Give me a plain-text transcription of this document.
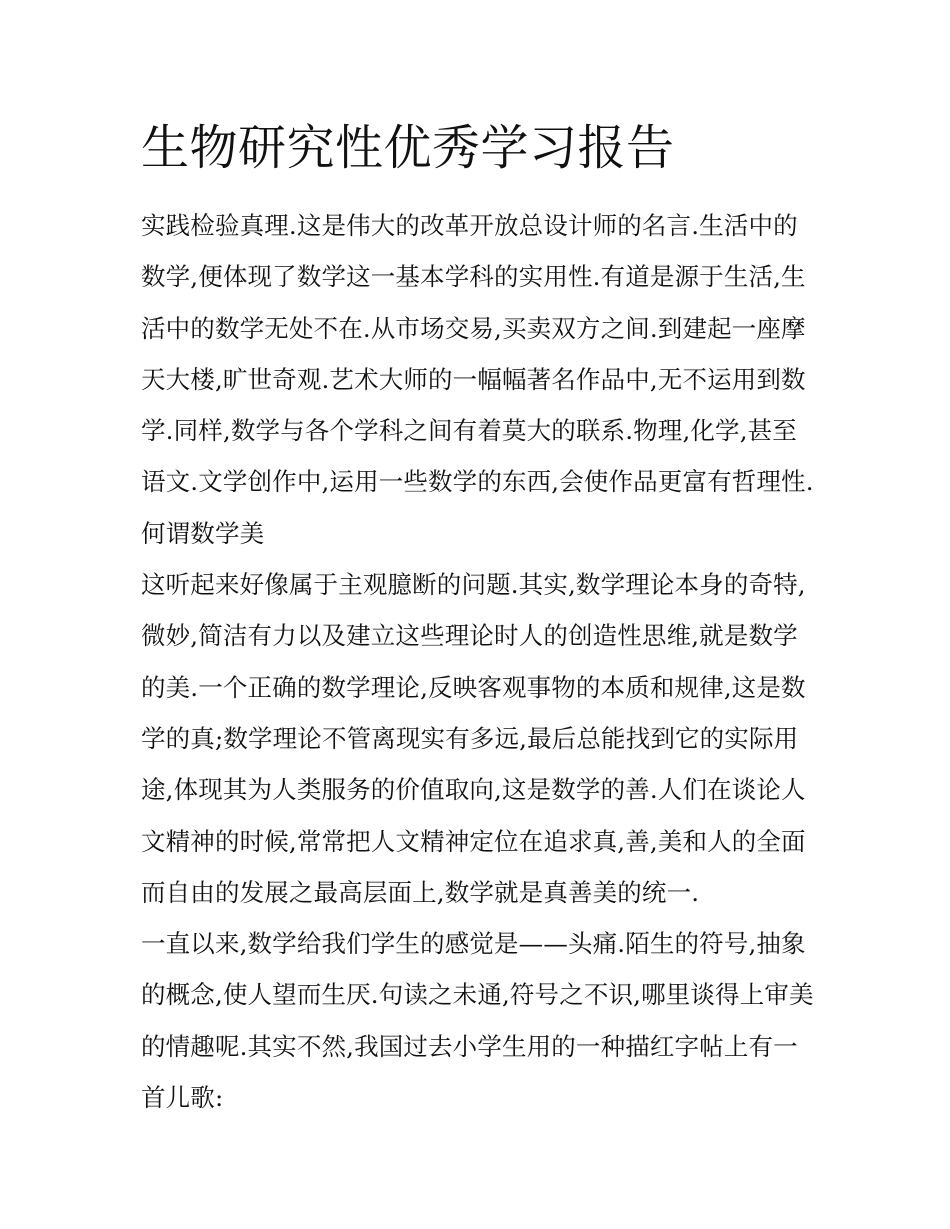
生物研究性优秀学习报告
实践检验真理.这是伟大的改革开放总设计师的名言.生活中的
数学,便体现了数学这一基本学科的实用性.有道是源于生活,生
活中的数学无处不在.从市场交易,买卖双方之间.到建起一座摩
天大楼,旷世奇观.艺术大师的一幅幅著名作品中,无不运用到数
学.同样,数学与各个学科之间有着莫大的联系.物理,化学,甚至
语文.文学创作中,运用一些数学的东西,会使作品更富有哲理性.
何谓数学美
这听起来好像属于主观臆断的问题.其实,数学理论本身的奇特,
微妙,简洁有力以及建立这些理论时人的创造性思维,就是数学
的美.一个正确的数学理论,反映客观事物的本质和规律,这是数
学的真;数学理论不管离现实有多远,最后总能找到它的实际用
途,体现其为人类服务的价值取向,这是数学的善.人们在谈论人
文精神的时候,常常把人文精神定位在追求真,善,美和人的全面
而自由的发展之最高层面上,数学就是真善美的统一.
一直以来,数学给我们学生的感觉是——头痛.陌生的符号,抽象
的概念,使人望而生厌.句读之未通,符号之不识,哪里谈得上审美
的情趣呢.其实不然,我国过去小学生用的一种描红字帖上有一
首儿歌:
